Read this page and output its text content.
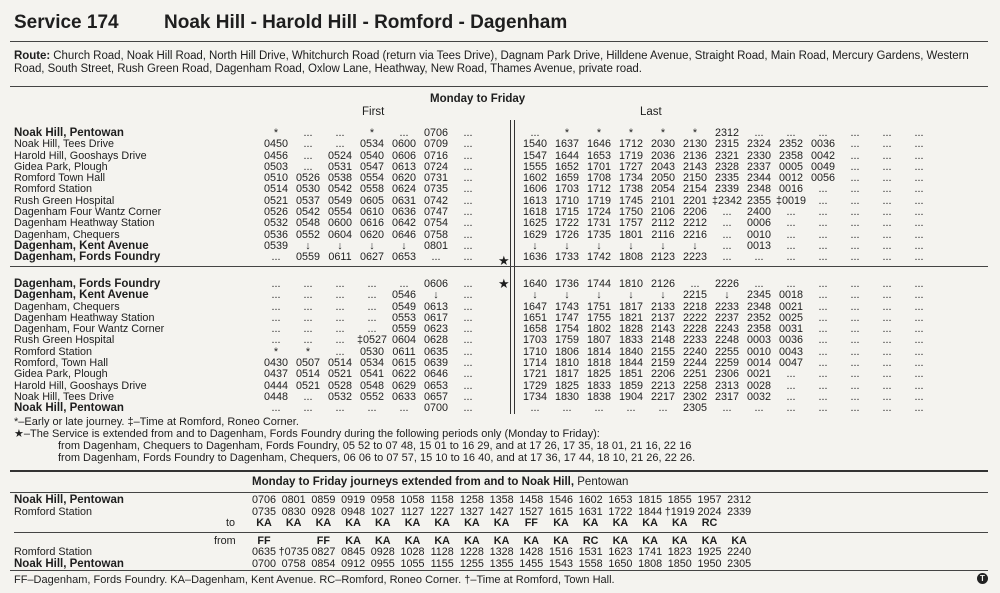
Service 174	Noak Hill - Harold Hill - Romford - Dagenham
Route: Church Road, Noak Hill Road, North Hill Drive, Whitchurch Road (return via Tees Drive), Dagnam Park Drive, Hilldene Avenue, Straight Road, Main Road, Mercury Gardens, Western Road, South Street, Rush Green Road, Dagenham Road, Oxlow Lane, Heathway, New Road, Thames Avenue, private road.
Monday to Friday
First	Last
Noak Hill, Pentowan	*	...	...	*	...	0706	...	...	*	*	*	*	*	2312	...	...	...	...	...	...
Noak Hill, Tees Drive	0450	...	...	0534 0600 0709	...	1540 1637 1646 1712 2030 2130 2315 2324 2352 0036	...	...	...
Harold Hill, Gooshays Drive	0456	...	0524 0540 0606 0716	...	1547 1644 1653 1719 2036 2136 2321 2330 2358 0042	...	...	...
Gidea Park, Plough	0503	...	0531 0547 0613 0724	...	1555 1652 1701 1727 2043 2143 2328 2337 0005 0049	...	...	...
Romford Town Hall	0510 0526 0538 0554 0620 0731	...	1602 1659 1708 1734 2050 2150 2335 2344 0012 0056	...	...	...
Romford Station	0514 0530 0542 0558 0624 0735	...	1606 1703 1712 1738 2054 2154 2339 2348 0016	...	...	...	...
Rush Green Hospital	0521 0537 0549 0605 0631 0742	...	1613 1710 1719 1745 2101 2201 ‡2342 2355 ‡0019	...	...	...	...
Dagenham Four Wantz Corner	0526 0542 0554 0610 0636 0747	...	1618 1715 1724 1750 2106 2206	...	2400	...	...	...	...	...
Dagenham Heathway Station	0532 0548 0600 0616 0642 0754	...	1625 1722 1731 1757 2112 2212	...	0006	...	...	...	...	...
Dagenham, Chequers	0536 0552 0604 0620 0646 0758	...	1629 1726 1735 1801 2116 2216	...	0010	...	...	...	...	...
Dagenham, Kent Avenue	0539	↓	↓	↓	↓	0801	...	↓	↓	↓	↓	↓	↓	...	0013	...	...	...	...	...
Dagenham, Fords Foundry	...	0559 0611 0627 0653	...	...	1636 1733 1742 1808 2123 2223	...	...	...	...	...	...	...
★
★
Dagenham, Fords Foundry	...	...	...	...	...	0606	...	1640 1736 1744 1810 2126	...	2226	...	...	...	...	...	...
Dagenham, Kent Avenue	...	...	...	...	0546	↓	...	↓	↓	↓	↓	↓	2215	↓	2345 0018	...	...	...	...
Dagenham, Chequers	...	...	...	...	0549 0613	...	1647 1743 1751 1817 2133 2218 2233 2348 0021	...	...	...	...
Dagenham Heathway Station	...	...	...	...	0553 0617	...	1651 1747 1755 1821 2137 2222 2237 2352 0025	...	...	...	...
Dagenham, Four Wantz Corner	...	...	...	...	0559 0623	...	1658 1754 1802 1828 2143 2228 2243 2358 0031	...	...	...	...
Rush Green Hospital	...	...	...	‡0527 0604 0628	...	1703 1759 1807 1833 2148 2233 2248 0003 0036	...	...	...	...
Romford Station	*	*	...	0530 0611 0635	...	1710 1806 1814 1840 2155 2240 2255 0010 0043	...	...	...	...
Romford, Town Hall	0430 0507 0514 0534 0615 0639	...	1714 1810 1818 1844 2159 2244 2259 0014 0047	...	...	...	...
Gidea Park, Plough	0437 0514 0521 0541 0622 0646	...	1721 1817 1825 1851 2206 2251 2306 0021	...	...	...	...	...
Harold Hill, Gooshays Drive	0444 0521 0528 0548 0629 0653	...	1729 1825 1833 1859 2213 2258 2313 0028	...	...	...	...	...
Noak Hill, Tees Drive	0448	...	0532 0552 0633 0657	...	1734 1830 1838 1904 2217 2302 2317 0032	...	...	...	...	...
Noak Hill, Pentowan	...	...	...	...	...	0700	...	...	...	...	...	...	2305	...	...	...	...	...	...	...
*–Early or late journey. ‡–Time at Romford, Roneo Corner.
★–The Service is extended from and to Dagenham, Fords Foundry during the following periods only (Monday to Friday):
from Dagenham, Chequers to Dagenham, Fords Foundry, 05 52 to 07 48, 15 01 to 16 29, and at 17 26, 17 35, 18 01, 21 16, 22 16
from Dagenham, Fords Foundry to Dagenham, Chequers, 06 06 to 07 57, 15 10 to 16 40, and at 17 36, 17 44, 18 10, 21 26, 22 26.
Monday to Friday journeys extended from and to Noak Hill, Pentowan
Noak Hill, Pentowan	0706 0801 0859 0919 0958 1058 1158 1258 1358 1458 1546 1602 1653 1815 1855 1957 2312
Romford Station	0735 0830 0928 0948 1027 1127 1227 1327 1427 1527 1615 1631 1722 1844 †1919 2024 2339
to	KA	KA	KA	KA	KA	KA	KA	KA	KA	FF	KA	KA	KA	KA	KA	RC
from	FF	FF	KA	KA	KA	KA	KA	KA	KA	KA	RC	KA	KA	KA	KA	KA
Romford Station	0635 †0735 0827 0845 0928 1028 1128 1228 1328 1428 1516 1531 1623 1741 1823 1925 2240
Noak Hill, Pentowan	0700 0758 0854 0912 0955 1055 1155 1255 1355 1455 1543 1558 1650 1808 1850 1950 2305
FF–Dagenham, Fords Foundry. KA–Dagenham, Kent Avenue. RC–Romford, Roneo Corner. †–Time at Romford, Town Hall.	T
